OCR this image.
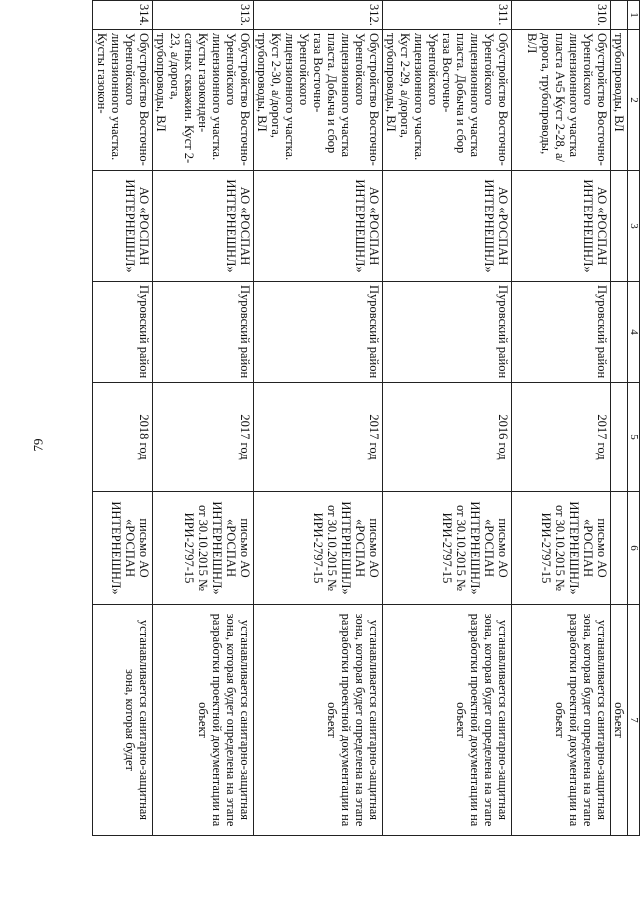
79
1	2	3	4	5	6	7
	трубопроводы, ВЛ					объект
310.	Обустройство Восточно-Уренгойского лицензионного участка пласта Ач5 Куст 2-28, а/дорога, трубопроводы, В/Л	АО «РОСПАН ИНТЕРНЕШНЛ»	Пуровский район	2017 год	письмо АО «РОСПАН ИНТЕРНЕШНЛ» от 30.10.2015 № ИРИ-2797-15	устанавливается санитарно-защитная зона, которая будет определена на этапе разработки проектной документации на объект
311.	Обустройство Восточно-Уренгойского лицензионного участка пласта. Добыча и сбор газа Восточно-Уренгойского лицензионного участка. Куст 2-29, а/дорога, трубопроводы, ВЛ	АО «РОСПАН ИНТЕРНЕШНЛ»	Пуровский район	2016 год	письмо АО «РОСПАН ИНТЕРНЕШНЛ» от 30.10.2015 № ИРИ-2797-15	устанавливается санитарно-защитная зона, которая будет определена на этапе разработки проектной документации на объект
312.	Обустройство Восточно-Уренгойского лицензионного участка пласта. Добыча и сбор газа Восточно-Уренгойского лицензионного участка. Куст 2-30, а/дорога, трубопроводы, ВЛ	АО «РОСПАН ИНТЕРНЕШНЛ»	Пуровский район	2017 год	письмо АО «РОСПАН ИНТЕРНЕШНЛ» от 30.10.2015 № ИРИ-2797-15	устанавливается санитарно-защитная зона, которая будет определена на этапе разработки проектной документации на объект
313.	Обустройство Восточно-Уренгойского лицензионного участка. Кусты газоконден-сатных скважин. Куст 2-23, а/дорога, трубопроводы, ВЛ	АО «РОСПАН ИНТЕРНЕШНЛ»	Пуровский район	2017 год	письмо АО «РОСПАН ИНТЕРНЕШНЛ» от 30.10.2015 № ИРИ-2797-15	устанавливается санитарно-защитная зона, которая будет определена на этапе разработки проектной документации на объект
314.	Обустройство Восточно-Уренгойского лицензионного участка. Кусты газокон-	АО «РОСПАН ИНТЕРНЕШНЛ»	Пуровский район	2018 год	письмо АО «РОСПАН ИНТЕРНЕШНЛ»	устанавливается санитарно-защитная зона, которая будет
